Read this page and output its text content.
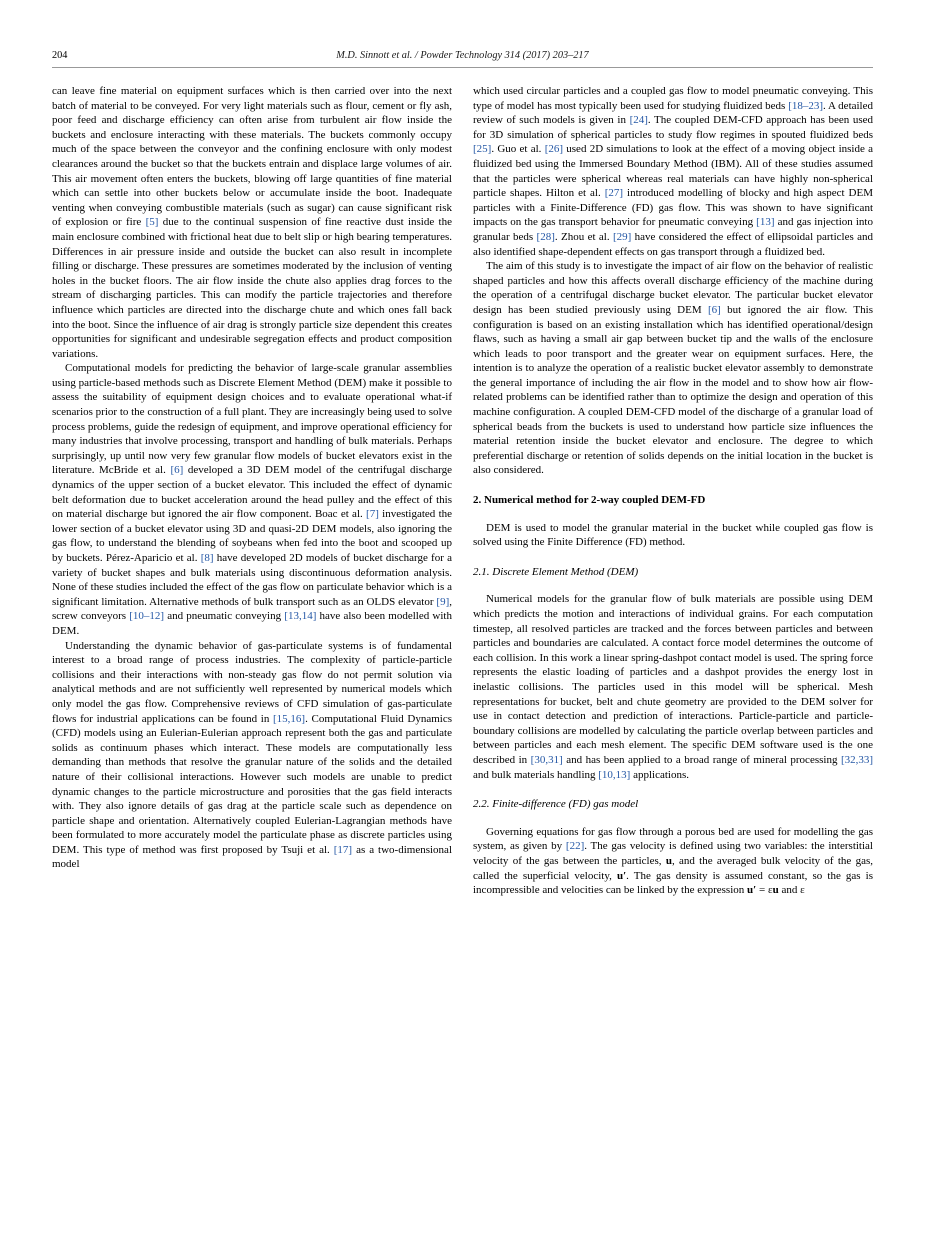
204	M.D. Sinnott et al. / Powder Technology 314 (2017) 203–217

can leave fine material on equipment surfaces which is then carried over into the next batch of material to be conveyed. For very light materials such as flour, cement or fly ash, poor feed and discharge efficiency can often arise from turbulent air flow inside the buckets and enclosure interacting with these materials. The buckets commonly occupy much of the space between the conveyor and the confining enclosure with only modest clearances around the bucket so that the buckets entrain and displace large volumes of air. This air movement often enters the buckets, blowing off large quantities of fine material which can settle into other buckets below or accumulate inside the boot. Inadequate venting when conveying combustible materials (such as sugar) can cause significant risk of explosion or fire [5] due to the continual suspension of fine reactive dust inside the main enclosure combined with frictional heat due to belt slip or high bearing temperatures. Differences in air pressure inside and outside the bucket can also result in incomplete filling or discharge. These pressures are sometimes moderated by the inclusion of venting holes in the bucket floors. The air flow inside the chute also applies drag forces to the stream of discharging particles. This can modify the particle trajectories and therefore influence which particles are directed into the discharge chute and which ones fall back into the boot. Since the influence of air drag is strongly particle size dependent this creates opportunities for significant and undesirable segregation effects and product composition variations.

Computational models for predicting the behavior of large-scale granular assemblies using particle-based methods such as Discrete Element Method (DEM) make it possible to assess the suitability of equipment design choices and to evaluate operational what-if scenarios prior to the construction of a full plant. They are increasingly being used to solve process problems, guide the redesign of equipment, and improve operational efficiency for many industries that involve processing, transport and handling of bulk materials. Perhaps surprisingly, up until now very few granular flow models of bucket elevators exist in the literature. McBride et al. [6] developed a 3D DEM model of the centrifugal discharge dynamics of the upper section of a bucket elevator. This included the effect of dynamic belt deformation due to bucket acceleration around the head pulley and the effect of this on material discharge but ignored the air flow component. Boac et al. [7] investigated the lower section of a bucket elevator using 3D and quasi-2D DEM models, also ignoring the gas flow, to understand the blending of soybeans when fed into the boot and scooped up by buckets. Pérez-Aparicio et al. [8] have developed 2D models of bucket discharge for a variety of bucket shapes and bulk materials using discontinuous deformation analysis. None of these studies included the effect of the gas flow on particulate behavior which is a significant limitation. Alternative methods of bulk transport such as an OLDS elevator [9], screw conveyors [10–12] and pneumatic conveying [13,14] have also been modelled with DEM.

Understanding the dynamic behavior of gas-particulate systems is of fundamental interest to a broad range of process industries. The complexity of particle-particle collisions and their interactions with non-steady gas flow do not permit solution via analytical methods and are not sufficiently well represented by numerical models which only model the gas flow. Comprehensive reviews of CFD simulation of gas-particulate flows for industrial applications can be found in [15,16]. Computational Fluid Dynamics (CFD) models using an Eulerian-Eulerian approach represent both the gas and particulate solids as continuum phases which interact. These models are computationally less demanding than methods that resolve the granular nature of the solids and the detailed nature of their collisional interactions. However such models are unable to predict dynamic changes to the particle microstructure and porosities that the gas field interacts with. They also ignore details of gas drag at the particle scale such as dependence on particle shape and orientation. Alternatively coupled Eulerian-Lagrangian methods have been formulated to more accurately model the particulate phase as discrete particles using DEM. This type of method was first proposed by Tsuji et al. [17] as a two-dimensional model

which used circular particles and a coupled gas flow to model pneumatic conveying. This type of model has most typically been used for studying fluidized beds [18–23]. A detailed review of such models is given in [24]. The coupled DEM-CFD approach has been used for 3D simulation of spherical particles to study flow regimes in spouted fluidized beds [25]. Guo et al. [26] used 2D simulations to look at the effect of a moving object inside a fluidized bed using the Immersed Boundary Method (IBM). All of these studies assumed that the particles were spherical whereas real materials can have highly non-spherical particle shapes. Hilton et al. [27] introduced modelling of blocky and high aspect DEM particles with a Finite-Difference (FD) gas flow. This was shown to have significant impacts on the gas transport behavior for pneumatic conveying [13] and gas injection into granular beds [28]. Zhou et al. [29] have considered the effect of ellipsoidal particles and also identified shape-dependent effects on gas transport through a fluidized bed.

The aim of this study is to investigate the impact of air flow on the behavior of realistic shaped particles and how this affects overall discharge efficiency of the machine during the operation of a centrifugal discharge bucket elevator. The particular bucket elevator design has been studied previously using DEM [6] but ignored the air flow. This configuration is based on an existing installation which has identified operational/design flaws, such as having a small air gap between bucket tip and the walls of the enclosure which leads to poor transport and the greater wear on equipment surfaces. Here, the intention is to analyze the operation of a realistic bucket elevator assembly to demonstrate the general importance of including the air flow in the model and to show how air flow-related problems can be identified rather than to optimize the design and operation of this machine configuration. A coupled DEM-CFD model of the discharge of a granular load of spherical beads from the buckets is used to understand how particle size influences the material retention inside the bucket elevator and enclosure. The degree to which preferential discharge or retention of solids depends on the initial location in the bucket is also considered.

2. Numerical method for 2-way coupled DEM-FD

DEM is used to model the granular material in the bucket while coupled gas flow is solved using the Finite Difference (FD) method.

2.1. Discrete Element Method (DEM)

Numerical models for the granular flow of bulk materials are possible using DEM which predicts the motion and interactions of individual grains. For each computation timestep, all resolved particles are tracked and the forces between particles and between particles and boundaries are calculated. A contact force model determines the outcome of each collision. In this work a linear spring-dashpot contact model is used. The spring force represents the elastic loading of particles and a dashpot provides the energy lost in inelastic collisions. The particles used in this model will be spherical. Mesh representations for bucket, belt and chute geometry are provided to the DEM solver for use in contact detection and prediction of interactions. Particle-particle and particle-boundary collisions are modelled by calculating the particle overlap between particles and between particles and each mesh element. The specific DEM software used is the one described in [30,31] and has been applied to a broad range of mineral processing [32,33] and bulk materials handling [10,13] applications.

2.2. Finite-difference (FD) gas model

Governing equations for gas flow through a porous bed are used for modelling the gas system, as given by [22]. The gas velocity is defined using two variables: the interstitial velocity of the gas between the particles, u, and the averaged bulk velocity of the gas, called the superficial velocity, u′. The gas density is assumed constant, so the gas is incompressible and velocities can be linked by the expression u′ = εu and ε
